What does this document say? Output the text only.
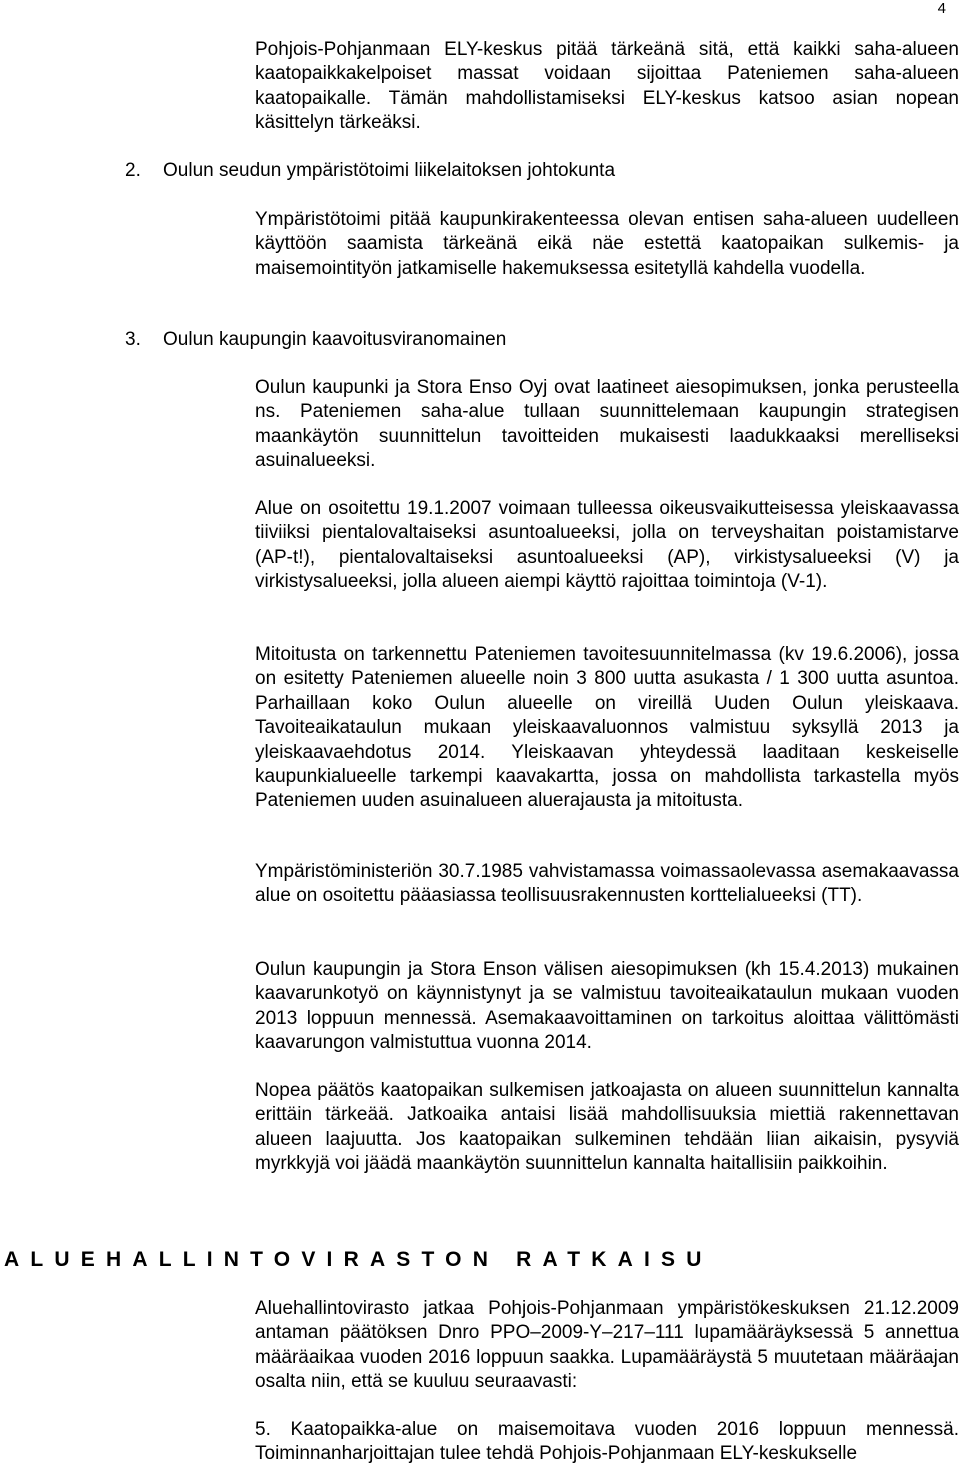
4

Pohjois-Pohjanmaan ELY-keskus pitää tärkeänä sitä, että kaikki saha-alueen kaatopaikkakelpoiset massat voidaan sijoittaa Pateniemen saha-alueen kaatopaikalle. Tämän mahdollistamiseksi ELY-keskus katsoo asian nopean käsittelyn tärkeäksi.

2. Oulun seudun ympäristötoimi liikelaitoksen johtokunta

Ympäristötoimi pitää kaupunkirakenteessa olevan entisen saha-alueen uudelleen käyttöön saamista tärkeänä eikä näe estettä kaatopaikan sulkemis- ja maisemointityön jatkamiselle hakemuksessa esitetyllä kahdella vuodella.

3. Oulun kaupungin kaavoitusviranomainen

Oulun kaupunki ja Stora Enso Oyj ovat laatineet aiesopimuksen, jonka perusteella ns. Pateniemen saha-alue tullaan suunnittelemaan kaupungin strategisen maankäytön suunnittelun tavoitteiden mukaisesti laadukkaaksi merelliseksi asuinalueeksi.

Alue on osoitettu 19.1.2007 voimaan tulleessa oikeusvaikutteisessa yleiskaavassa tiiviiksi pientalovaltaiseksi asuntoalueeksi, jolla on terveyshaitan poistamistarve (AP-t!), pientalovaltaiseksi asuntoalueeksi (AP), virkistysalueeksi (V) ja virkistysalueeksi, jolla alueen aiempi käyttö rajoittaa toimintoja (V-1).

Mitoitusta on tarkennettu Pateniemen tavoitesuunnitelmassa (kv 19.6.2006), jossa on esitetty Pateniemen alueelle noin 3 800 uutta asukasta / 1 300 uutta asuntoa. Parhaillaan koko Oulun alueelle on vireillä Uuden Oulun yleiskaava. Tavoiteaikataulun mukaan yleiskaavaluonnos valmistuu syksyllä 2013 ja yleiskaavaehdotus 2014. Yleiskaavan yhteydessä laaditaan keskeiselle kaupunkialueelle tarkempi kaavakartta, jossa on mahdollista tarkastella myös Pateniemen uuden asuinalueen aluerajausta ja mitoitusta.

Ympäristöministeriön 30.7.1985 vahvistamassa voimassaolevassa asemakaavassa alue on osoitettu pääasiassa teollisuusrakennusten korttelialueeksi (TT).

Oulun kaupungin ja Stora Enson välisen aiesopimuksen (kh 15.4.2013) mukainen kaavarunkotyö on käynnistynyt ja se valmistuu tavoiteaikataulun mukaan vuoden 2013 loppuun mennessä. Asemakaavoittaminen on tarkoitus aloittaa välittömästi kaavarungon valmistuttua vuonna 2014.

Nopea päätös kaatopaikan sulkemisen jatkoajasta on alueen suunnittelun kannalta erittäin tärkeää. Jatkoaika antaisi lisää mahdollisuuksia miettiä rakennettavan alueen laajuutta. Jos kaatopaikan sulkeminen tehdään liian aikaisin, pysyviä myrkkyjä voi jäädä maankäytön suunnittelun kannalta haitallisiin paikkoihin.

ALUEHALLINTOVIRASTON RATKAISU

Aluehallintovirasto jatkaa Pohjois-Pohjanmaan ympäristökeskuksen 21.12.2009 antaman päätöksen Dnro PPO–2009-Y–217–111 lupamääräyksessä 5 annettua määräaikaa vuoden 2016 loppuun saakka. Lupamääräystä 5 muutetaan määräajan osalta niin, että se kuuluu seuraavasti:

5. Kaatopaikka-alue on maisemoitava vuoden 2016 loppuun mennessä. Toiminnanharjoittajan tulee tehdä Pohjois-Pohjanmaan ELY-keskukselle
